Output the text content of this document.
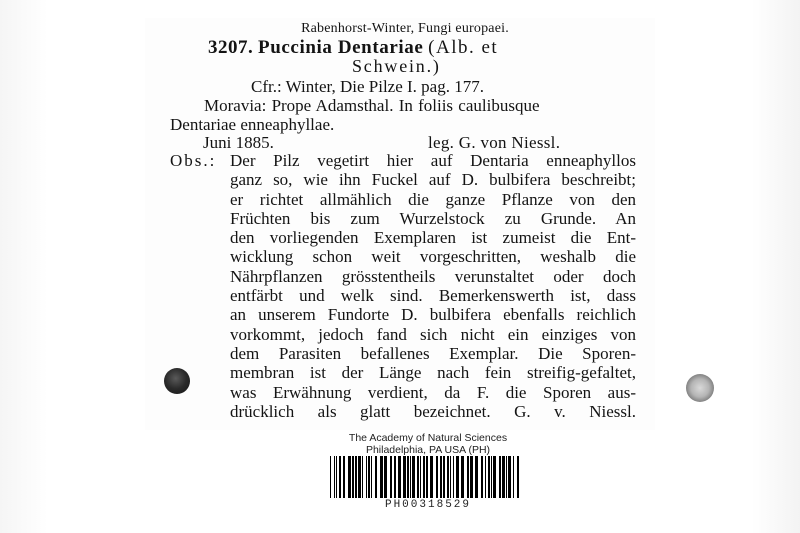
Rabenhorst-Winter, Fungi europaei.
3207. Puccinia Dentariae (Alb. et
Schwein.)
Cfr.: Winter, Die Pilze I. pag. 177.
Moravia: Prope Adamsthal. In foliis caulibusque
Dentariae enneaphyllae.
Juni 1885.	leg. G. von Niessl.
Obs.: Der Pilz vegetirt hier auf Dentaria enneaphyllos
ganz so, wie ihn Fuckel auf D. bulbifera beschreibt;
er richtet allmählich die ganze Pflanze von den
Früchten bis zum Wurzelstock zu Grunde. An
den vorliegenden Exemplaren ist zumeist die Ent-
wicklung schon weit vorgeschritten, weshalb die
Nährpflanzen grösstentheils verunstaltet oder doch
entfärbt und welk sind. Bemerkenswerth ist, dass
an unserem Fundorte D. bulbifera ebenfalls reichlich
vorkommt, jedoch fand sich nicht ein einziges von
dem Parasiten befallenes Exemplar. Die Sporen-
membran ist der Länge nach fein streifig-gefaltet,
was Erwähnung verdient, da F. die Sporen aus-
drücklich als glatt bezeichnet. G. v. Niessl.
The Academy of Natural Sciences
Philadelphia, PA USA (PH)
PH00318529
